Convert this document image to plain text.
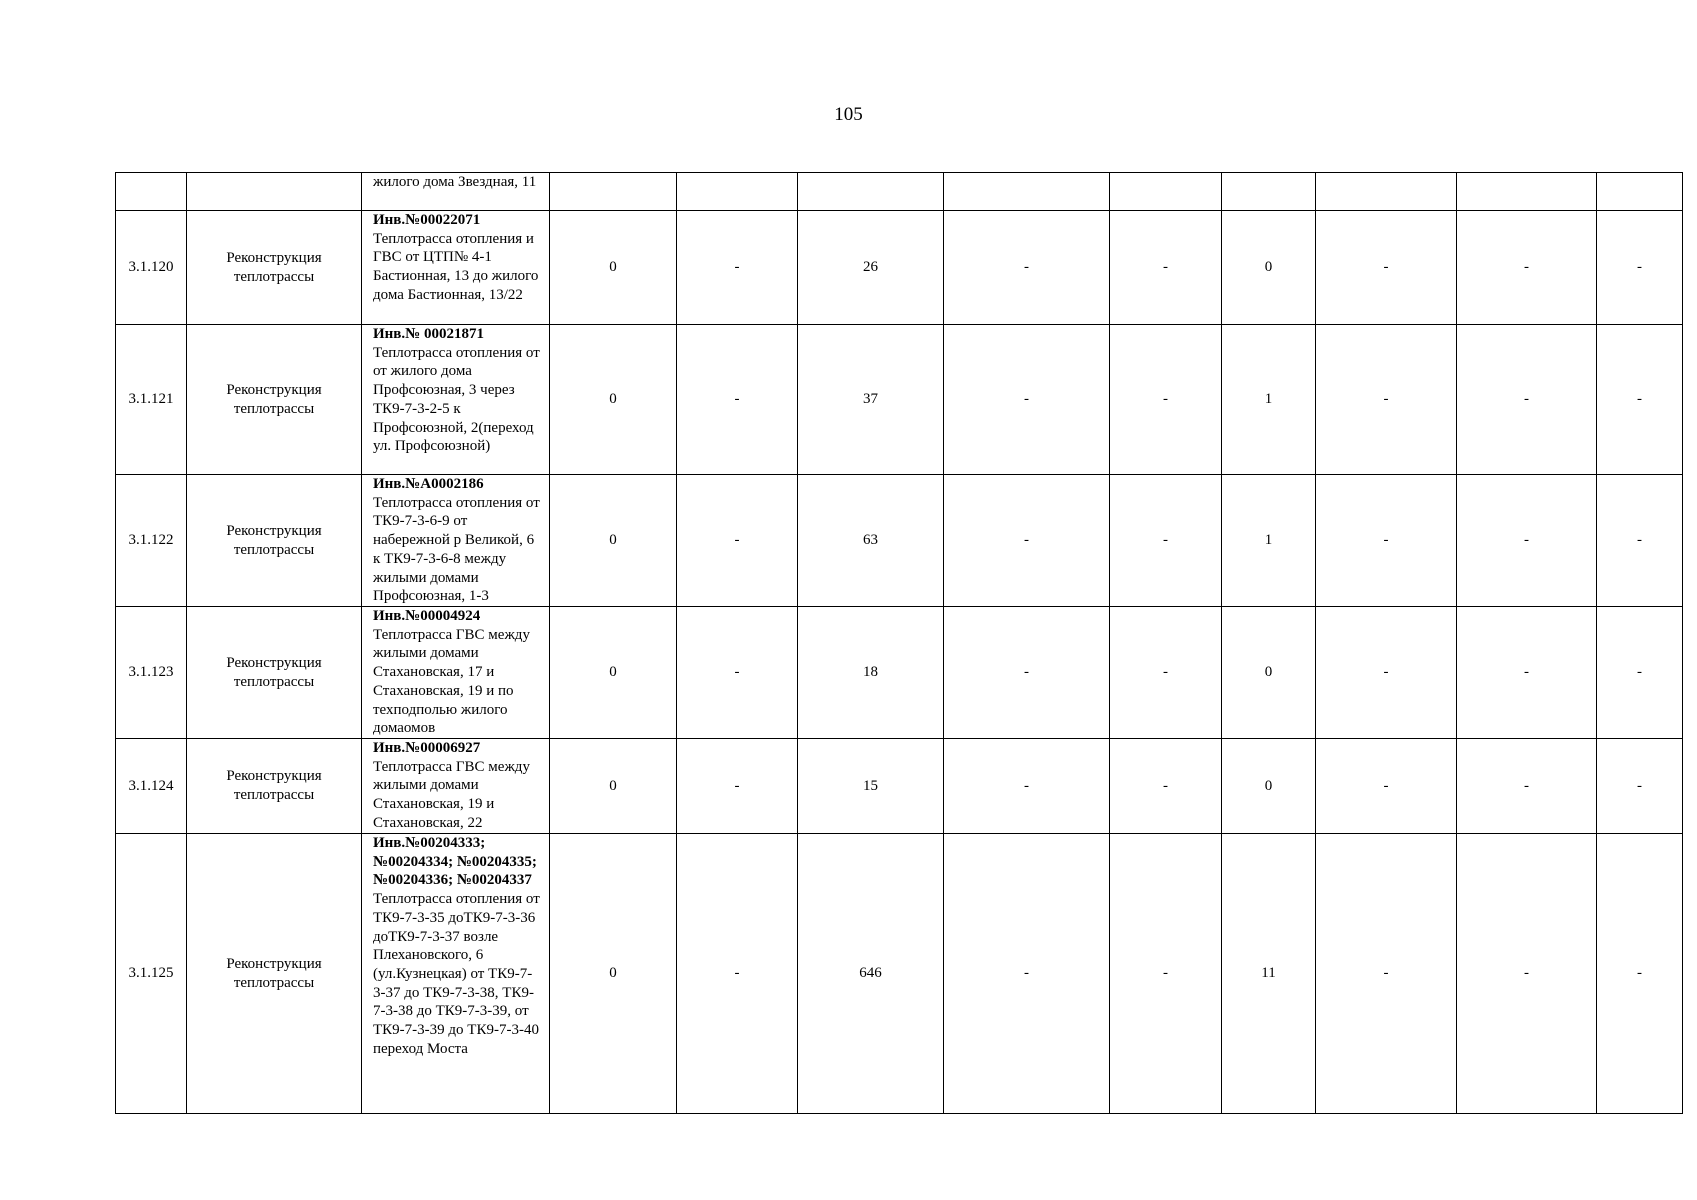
105

		жилого дома Звездная, 11									

3.1.120	Реконструкция теплотрассы	Инв.№00022071
Теплотрасса отопления и ГВС от ЦТП№ 4-1 Бастионная, 13 до жилого дома Бастионная, 13/22	0	-	26	-	-	0	-	-	-
3.1.121	Реконструкция теплотрассы	Инв.№ 00021871
Теплотрасса отопления от от жилого дома Профсоюзная, 3 через ТК9-7-3-2-5 к Профсоюзной, 2(переход ул. Профсоюзной)	0	-	37	-	-	1	-	-	-
3.1.122	Реконструкция теплотрассы	Инв.№А0002186
Теплотрасса отопления от ТК9-7-3-6-9 от набережной р Великой, 6 к ТК9-7-3-6-8 между жилыми домами Профсоюзная, 1-3	0	-	63	-	-	1	-	-	-
3.1.123	Реконструкция теплотрассы	Инв.№00004924
Теплотрасса ГВС между жилыми домами Стахановская, 17 и Стахановская, 19 и по техподполью жилого домаомов	0	-	18	-	-	0	-	-	-
3.1.124	Реконструкция теплотрассы	Инв.№00006927
Теплотрасса ГВС между жилыми домами Стахановская, 19 и Стахановская, 22	0	-	15	-	-	0	-	-	-
3.1.125	Реконструкция теплотрассы	Инв.№00204333; №00204334; №00204335; №00204336; №00204337
Теплотрасса отопления от ТК9-7-3-35 доТК9-7-3-36 доТК9-7-3-37 возле Плехановского, 6 (ул.Кузнецкая) от ТК9-7-3-37 до ТК9-7-3-38, ТК9-7-3-38 до ТК9-7-3-39, от ТК9-7-3-39 до ТК9-7-3-40 переход Моста	0	-	646	-	-	11	-	-	-
